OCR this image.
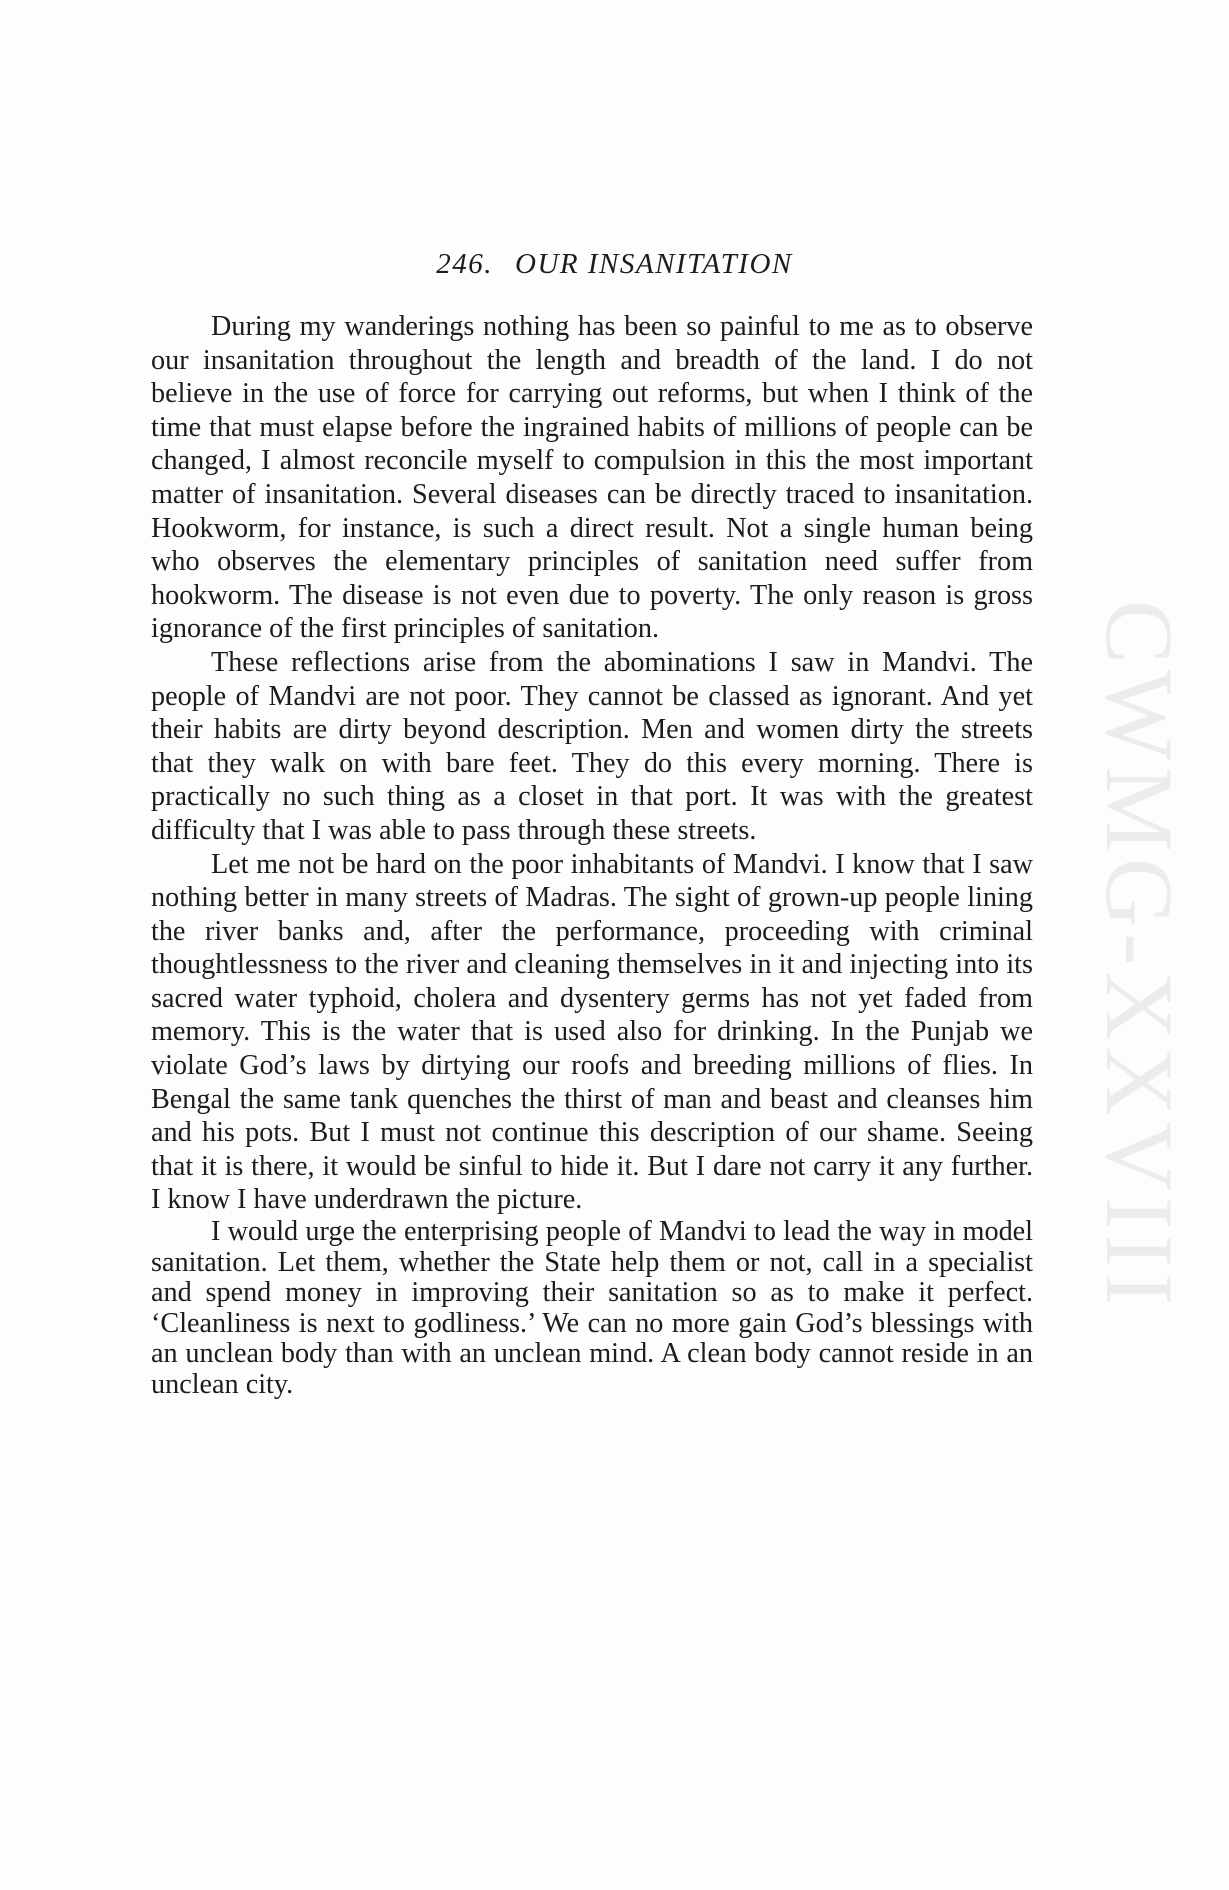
CWMG-XXVIII
246. OUR INSANITATION

During my wanderings nothing has been so painful to me as to observe our insanitation throughout the length and breadth of the land. I do not believe in the use of force for carrying out reforms, but when I think of the time that must elapse before the ingrained habits of millions of people can be changed, I almost reconcile myself to compulsion in this the most important matter of insanitation. Several diseases can be directly traced to insanitation. Hookworm, for instance, is such a direct result. Not a single human being who observes the elementary principles of sanitation need suffer from hookworm. The disease is not even due to poverty. The only reason is gross ignorance of the first principles of sanitation.

These reflections arise from the abominations I saw in Mandvi. The people of Mandvi are not poor. They cannot be classed as ignorant. And yet their habits are dirty beyond description. Men and women dirty the streets that they walk on with bare feet. They do this every morning. There is practically no such thing as a closet in that port. It was with the greatest difficulty that I was able to pass through these streets.

Let me not be hard on the poor inhabitants of Mandvi. I know that I saw nothing better in many streets of Madras. The sight of grown-up people lining the river banks and, after the performance, proceeding with criminal thoughtlessness to the river and cleaning themselves in it and injecting into its sacred water typhoid, cholera and dysentery germs has not yet faded from memory. This is the water that is used also for drinking. In the Punjab we violate God’s laws by dirtying our roofs and breeding millions of flies. In Bengal the same tank quenches the thirst of man and beast and cleanses him and his pots. But I must not continue this description of our shame. Seeing that it is there, it would be sinful to hide it. But I dare not carry it any further. I know I have underdrawn the picture.

I would urge the enterprising people of Mandvi to lead the way in model sanitation. Let them, whether the State help them or not, call in a specialist and spend money in improving their sanitation so as to make it perfect. ‘Cleanliness is next to godliness.’ We can no more gain God’s blessings with an unclean body than with an unclean mind. A clean body cannot reside in an unclean city.
